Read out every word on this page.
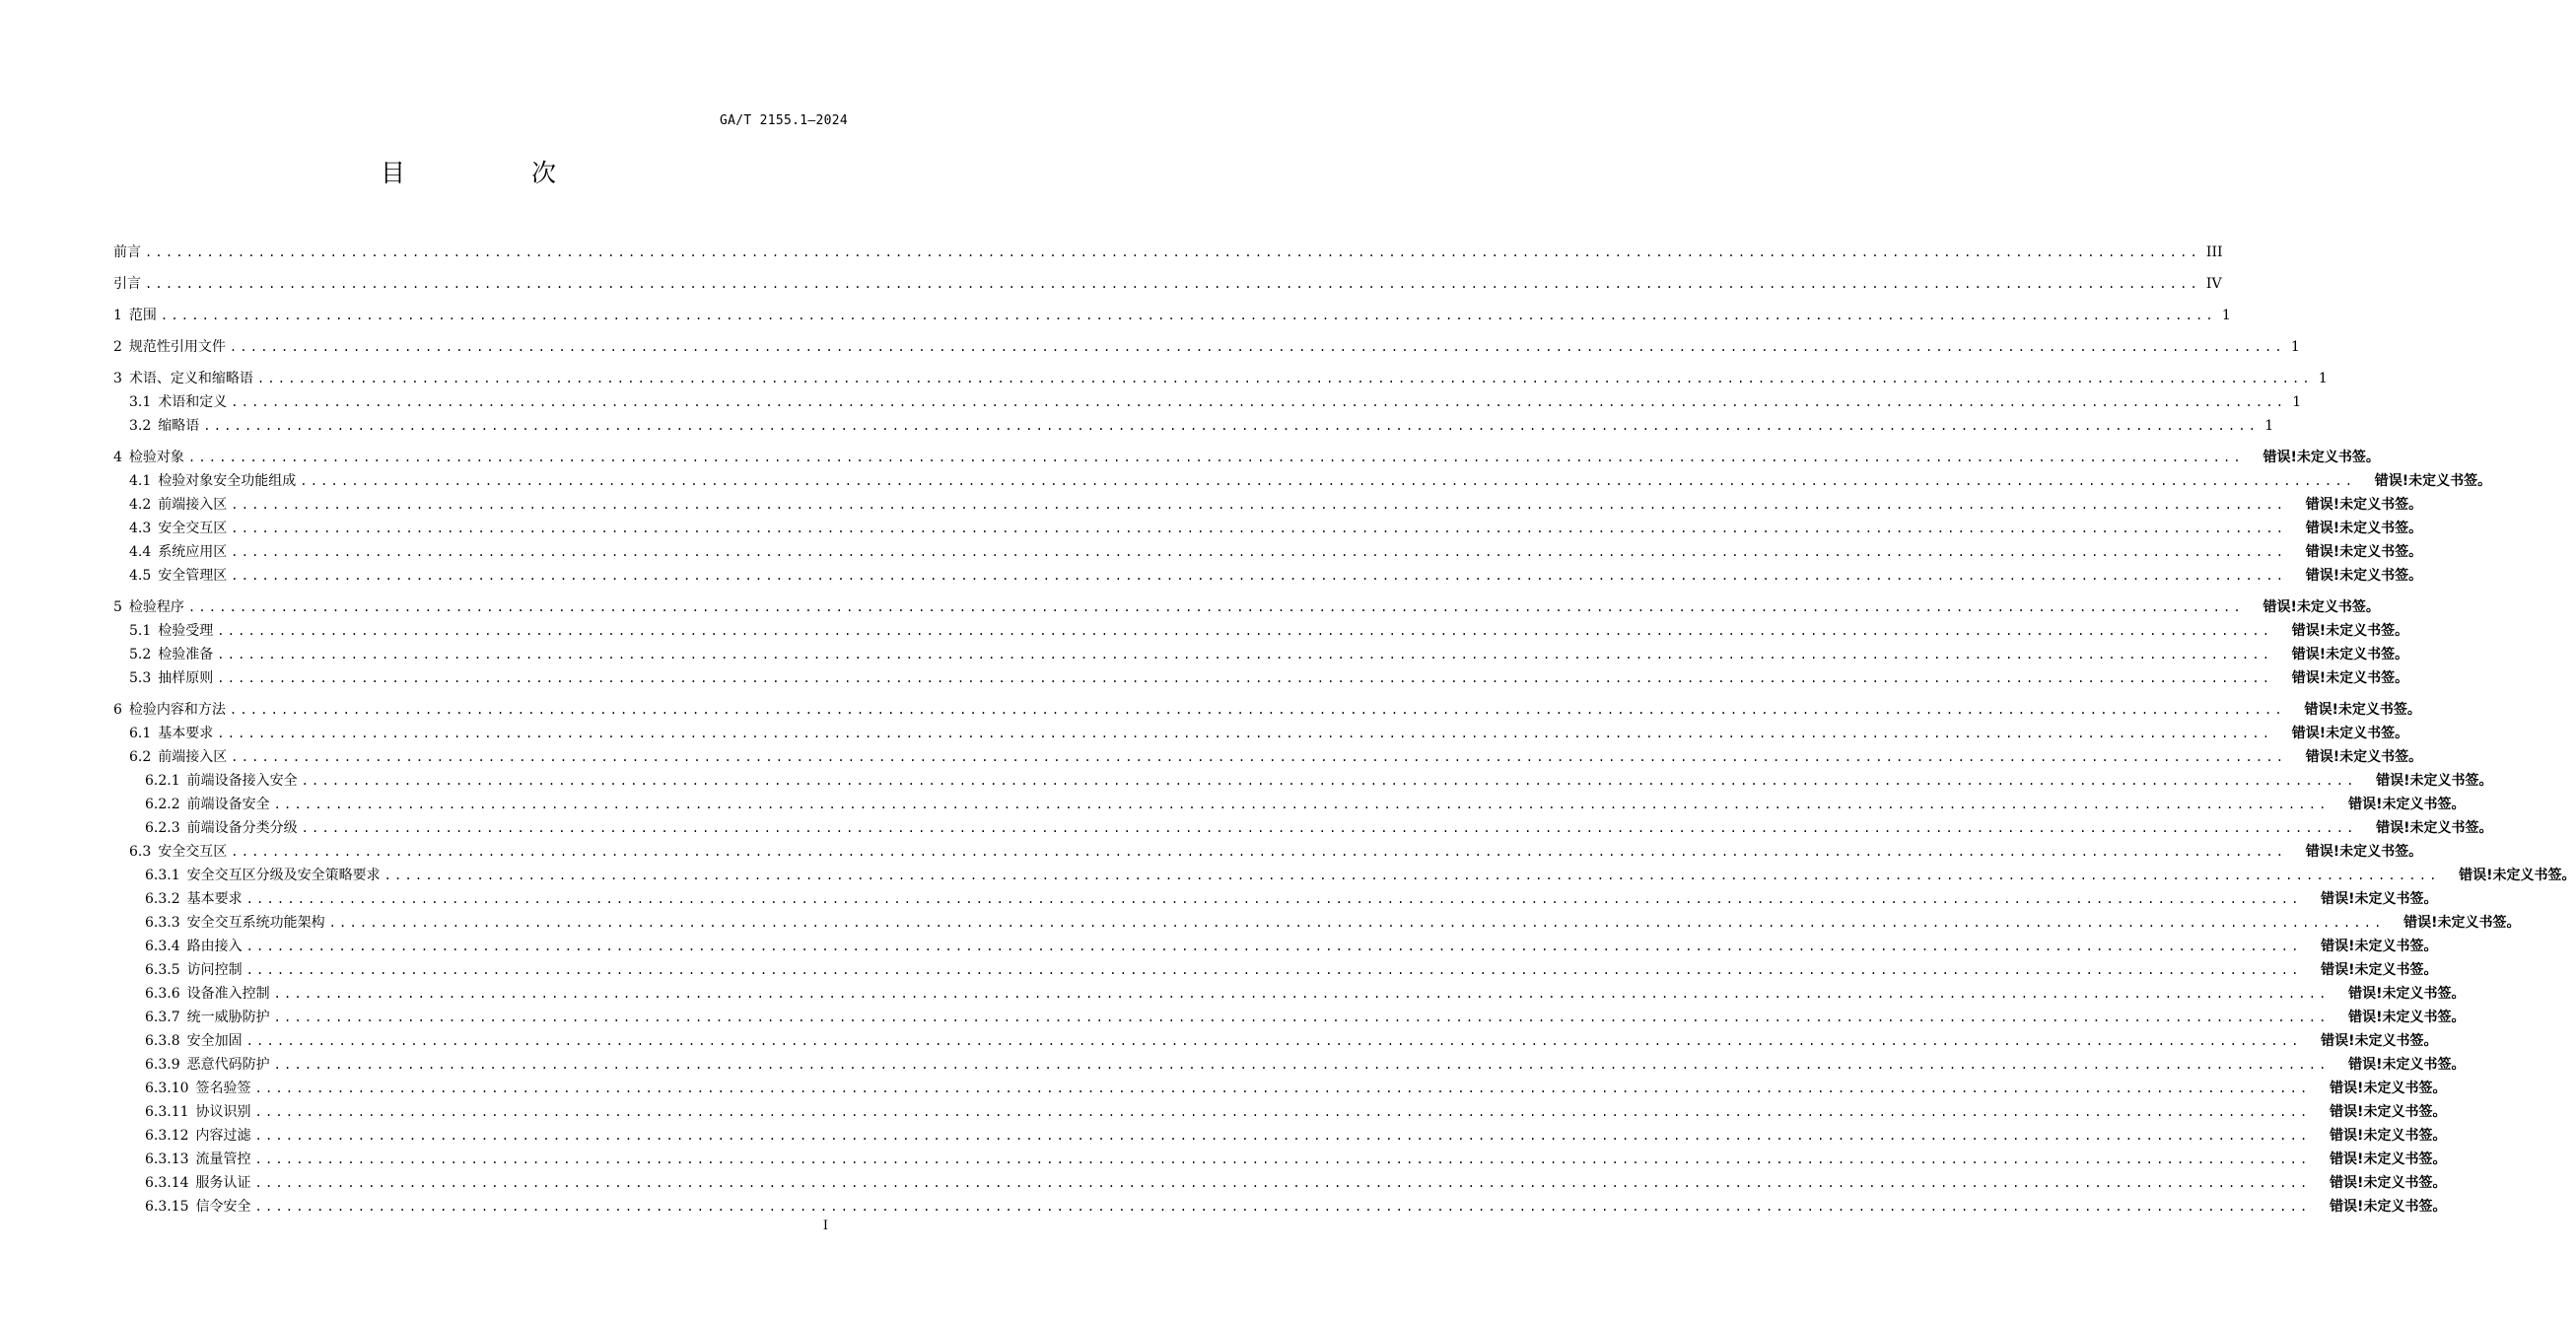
GA/T 2155.1—2024
目 次
前言 ........................................................................................................................................................................................................ III
引言 ........................................................................................................................................................................................................ IV
1 范围 ........................................................................................................................................................................................................ 1
2 规范性引用文件 ........................................................................................................................................................................................................ 1
3 术语、定义和缩略语 ........................................................................................................................................................................................................ 1
3.1 术语和定义 ........................................................................................................................................................................................................ 1
3.2 缩略语 ........................................................................................................................................................................................................ 1
4 检验对象 ........................................................................................................................................................................................................	错误!未定义书签。
4.1 检验对象安全功能组成 ........................................................................................................................................................................................................	错误!未定义书签。
4.2 前端接入区 ........................................................................................................................................................................................................	错误!未定义书签。
4.3 安全交互区 ........................................................................................................................................................................................................	错误!未定义书签。
4.4 系统应用区 ........................................................................................................................................................................................................	错误!未定义书签。
4.5 安全管理区 ........................................................................................................................................................................................................	错误!未定义书签。
5 检验程序 ........................................................................................................................................................................................................	错误!未定义书签。
5.1 检验受理 ........................................................................................................................................................................................................	错误!未定义书签。
5.2 检验准备 ........................................................................................................................................................................................................	错误!未定义书签。
5.3 抽样原则 ........................................................................................................................................................................................................	错误!未定义书签。
6 检验内容和方法 ........................................................................................................................................................................................................	错误!未定义书签。
6.1 基本要求 ........................................................................................................................................................................................................	错误!未定义书签。
6.2 前端接入区 ........................................................................................................................................................................................................	错误!未定义书签。
6.2.1 前端设备接入安全 ........................................................................................................................................................................................................	错误!未定义书签。
6.2.2 前端设备安全 ........................................................................................................................................................................................................	错误!未定义书签。
6.2.3 前端设备分类分级 ........................................................................................................................................................................................................	错误!未定义书签。
6.3 安全交互区 ........................................................................................................................................................................................................	错误!未定义书签。
6.3.1 安全交互区分级及安全策略要求 ........................................................................................................................................................................................................	错误!未定义书签。
6.3.2 基本要求 ........................................................................................................................................................................................................	错误!未定义书签。
6.3.3 安全交互系统功能架构 ........................................................................................................................................................................................................	错误!未定义书签。
6.3.4 路由接入 ........................................................................................................................................................................................................	错误!未定义书签。
6.3.5 访问控制 ........................................................................................................................................................................................................	错误!未定义书签。
6.3.6 设备准入控制 ........................................................................................................................................................................................................	错误!未定义书签。
6.3.7 统一威胁防护 ........................................................................................................................................................................................................	错误!未定义书签。
6.3.8 安全加固 ........................................................................................................................................................................................................	错误!未定义书签。
6.3.9 恶意代码防护 ........................................................................................................................................................................................................	错误!未定义书签。
6.3.10 签名验签 ........................................................................................................................................................................................................	错误!未定义书签。
6.3.11 协议识别 ........................................................................................................................................................................................................	错误!未定义书签。
6.3.12 内容过滤 ........................................................................................................................................................................................................	错误!未定义书签。
6.3.13 流量管控 ........................................................................................................................................................................................................	错误!未定义书签。
6.3.14 服务认证 ........................................................................................................................................................................................................	错误!未定义书签。
6.3.15 信令安全 ........................................................................................................................................................................................................	错误!未定义书签。
I
